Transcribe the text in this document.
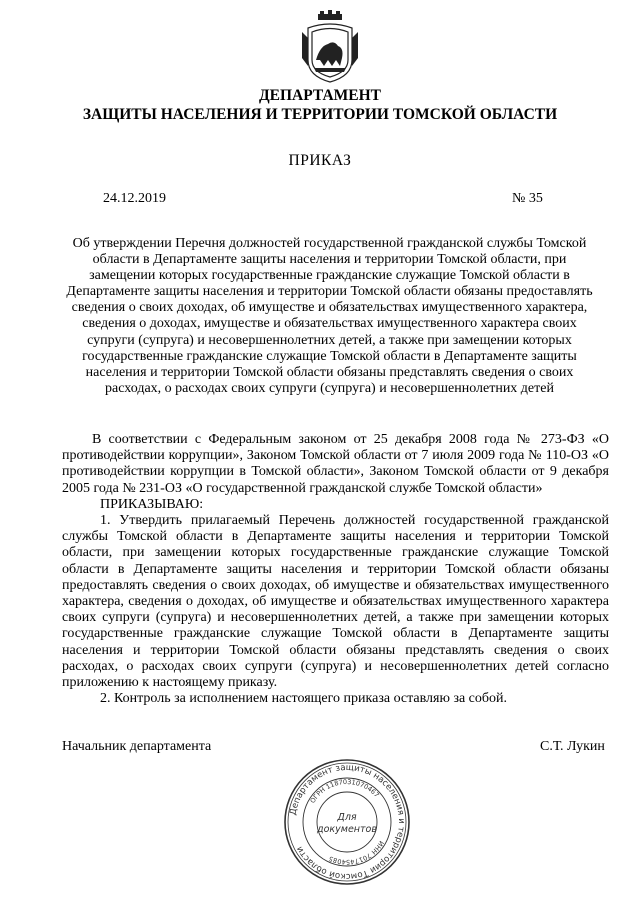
ДЕПАРТАМЕНТ
ЗАЩИТЫ НАСЕЛЕНИЯ И ТЕРРИТОРИИ ТОМСКОЙ ОБЛАСТИ
ПРИКАЗ
24.12.2019	№ 35
Об утверждении Перечня должностей государственной гражданской службы Томской области в Департаменте защиты населения и территории Томской области, при замещении которых государственные гражданские служащие Томской области в Департаменте защиты населения и территории Томской области обязаны предоставлять сведения о своих доходах, об имуществе и обязательствах имущественного характера, сведения о доходах, имуществе и обязательствах имущественного характера своих супруги (супруга) и несовершеннолетних детей, а также при замещении которых государственные гражданские служащие Томской области в Департаменте защиты населения и территории Томской области обязаны представлять сведения о своих расходах, о расходах своих супруги (супруга) и несовершеннолетних детей

В соответствии с Федеральным законом от 25 декабря 2008 года № 273-ФЗ «О противодействии коррупции», Законом Томской области от 7 июля 2009 года № 110-ОЗ «О противодействии коррупции в Томской области», Законом Томской области от 9 декабря 2005 года № 231-ОЗ «О государственной гражданской службе Томской области»

ПРИКАЗЫВАЮ:

1. Утвердить прилагаемый Перечень должностей государственной гражданской службы Томской области в Департаменте защиты населения и территории Томской области, при замещении которых государственные гражданские служащие Томской области в Департаменте защиты населения и территории Томской области обязаны предоставлять сведения о своих доходах, об имуществе и обязательствах имущественного характера, сведения о доходах, об имуществе и обязательствах имущественного характера своих супруги (супруга) и несовершеннолетних детей, а также при замещении которых государственные гражданские служащие Томской области в Департаменте защиты населения и территории Томской области обязаны представлять сведения о своих расходах, о расходах своих супруги (супруга) и несовершеннолетних детей согласно приложению к настоящему приказу.

2. Контроль за исполнением настоящего приказа оставляю за собой.

Начальник департамента	С.Т. Лукин
Департамент защиты населения и территории Томской области
ОГРН 1187031070467
ИНН 7017454085
Для
документов
